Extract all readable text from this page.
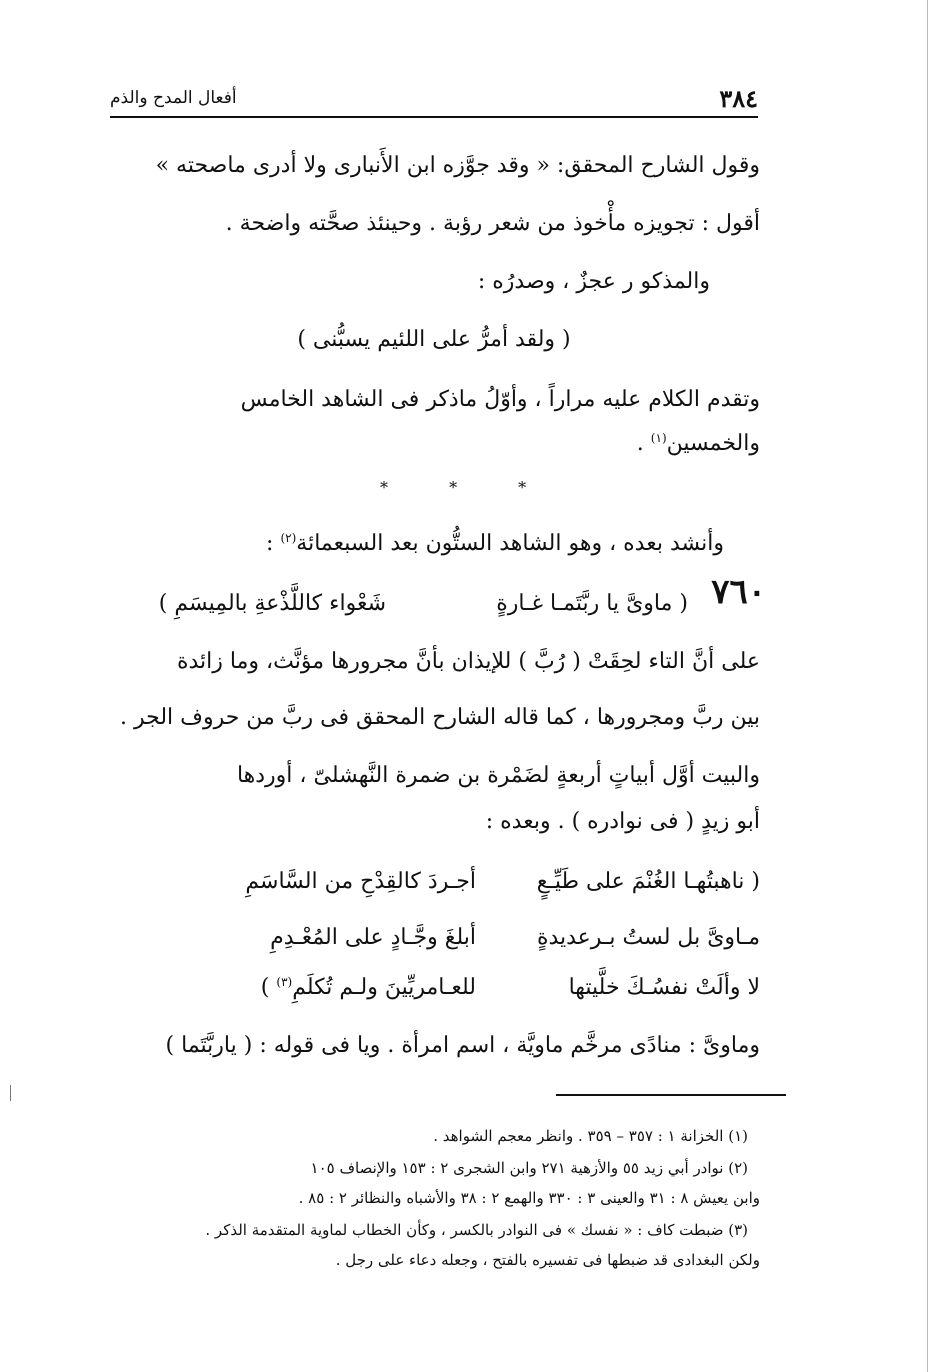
٣٨٤
أفعال المدح والذم
وقول الشارح المحقق: « وقد جوَّزه ابن الأَنبارى ولا أدرى ماصحته »
أقول : تجويزه مأْخوذ من شعر رؤبة . وحينئذ صحَّته واضحة .
والمذكو ر عجزٌ ، وصدرُه :
( ولقد أمرُّ على اللئيم يسبُّنى )
وتقدم الكلام عليه مراراً ، وأوّلُ ماذكر فى الشاهد الخامس
والخمسين$^{(١)}$ .
* * *
وأنشد بعده ، وهو الشاهد الستُّون بعد السبعمائة$^{(٢)}$ :
٧٦٠
( ماوىَّ يا ربَّتَمـا غـارةٍ
شَعْواء كاللَّذْعةِ بالمِيسَمِ )
على أنَّ التاء لحِقَتْ ( رُبَّ ) للإيذان بأنَّ مجرورها مؤنَّث، وما زائدة
بين ربَّ ومجرورها ، كما قاله الشارح المحقق فى ربَّ من حروف الجر .
والبيت أوَّل أبياتٍ أربعةٍ لضَمْرة بن ضمرة النَّهشلىّ ، أوردها
أبو زيدٍ ( فى نوادره ) . وبعده :
( ناهبتُهـا الغُنْمَ على طَيِّـعٍ
أجـردَ كالقِدْحِ من السَّاسَمِ
مـاوىَّ بل لستُ بـرعديدةٍ
أبلغَ وجَّـادٍ على المُعْـدِمِ
لا وألَتْ نفسُـكَ خلَّيتها
للعـامريِّينَ ولـم تُكلَمِ$^{(٣)}$ )
وماوىَّ : منادًى مرخَّم ماويَّة ، اسم امرأة . ويا فى قوله : ( ياربَّتَما )
(١) الخزانة ١ : ٣٥٧ – ٣٥٩ . وانظر معجم الشواهد .
(٢) نوادر أبي زيد ٥٥ والأزهية ٢٧١ وابن الشجرى ٢ : ١٥٣ والإنصاف ١٠٥
وابن يعيش ٨ : ٣١ والعينى ٣ : ٣٣٠ والهمع ٢ : ٣٨ والأشباه والنظائر ٢ : ٨٥ .
(٣) ضبطت كاف : « نفسك » فى النوادر بالكسر ، وكأن الخطاب لماوية المتقدمة الذكر .
ولكن البغدادى قد ضبطها فى تفسيره بالفتح ، وجعله دعاء على رجل .
